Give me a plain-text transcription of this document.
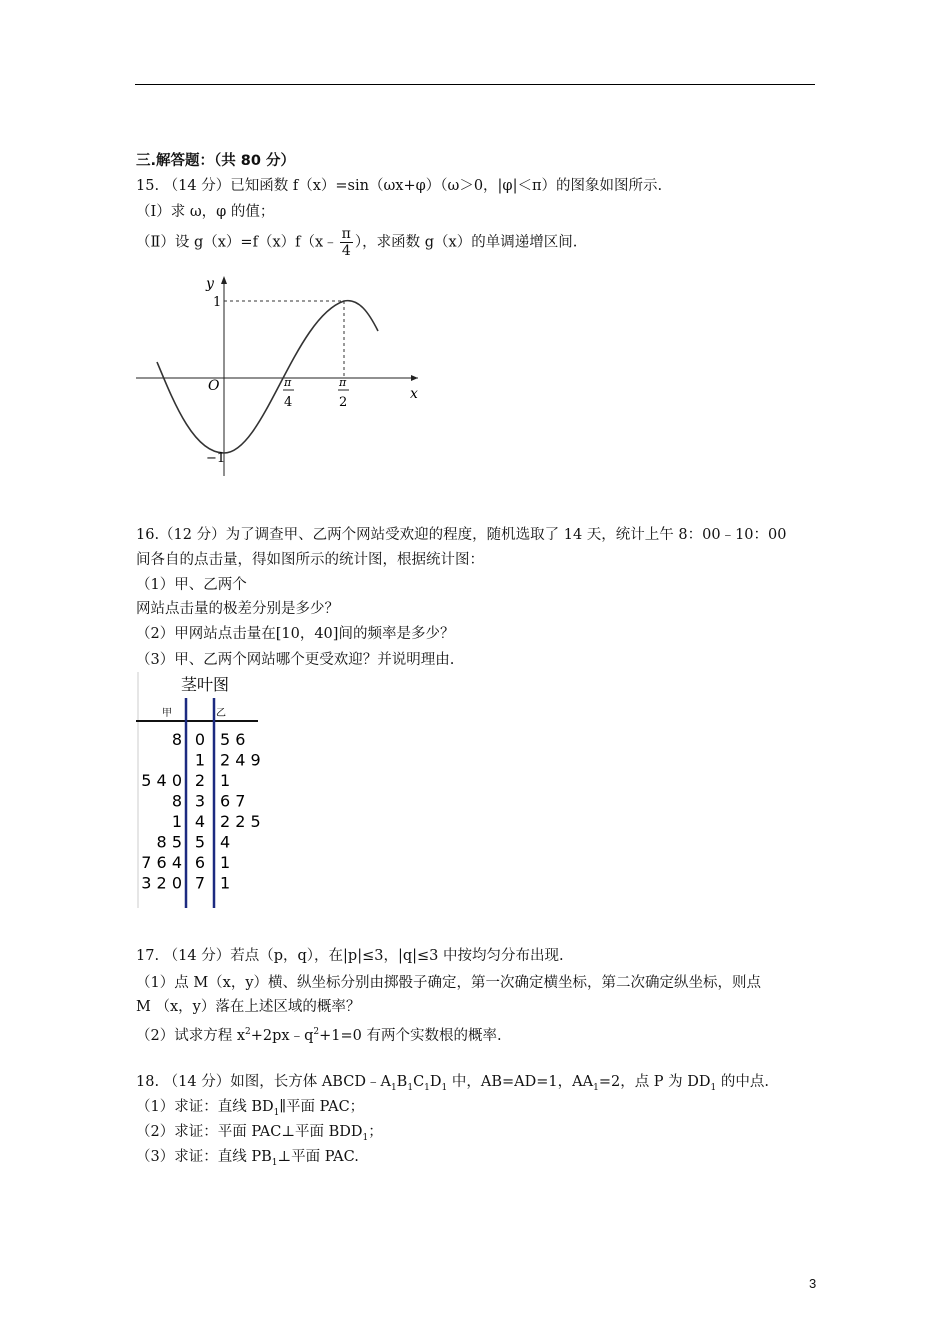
三.解答题：（共 80 分）
15. （14 分）已知函数 f（x）=sin（ωx+φ）（ω＞0，|φ|＜π）的图象如图所示.
（Ⅰ）求 ω，φ 的值；
（Ⅱ）设 g（x）=f（x）f（x﹣ $\frac{\pi}{4}$ ），求函数 g（x）的单调递增区间.
y
x
O
1
−1
π
4
π
2
16.（12 分）为了调查甲、乙两个网站受欢迎的程度，随机选取了 14 天，统计上午 8：00﹣10：00
间各自的点击量，得如图所示的统计图，根据统计图：
（1）甲、乙两个
网站点击量的极差分别是多少？
（2）甲网站点击量在[10，40]间的频率是多少？
（3）甲、乙两个网站哪个更受欢迎？并说明理由.
茎叶图
甲	乙
8 0 5 6
1 2 4 9
5 4 0 2 1
8 3 6 7
1 4 2 2 5
8 5 5 4
7 6 4 6 1
3 2 0 7 1
17. （14 分）若点（p，q），在|p|≤3，|q|≤3 中按均匀分布出现.
（1）点 M（x，y）横、纵坐标分别由掷骰子确定，第一次确定横坐标，第二次确定纵坐标，则点
M （x，y）落在上述区域的概率？
（2）试求方程 $x^2+2px﹣q^2+1=0$ 有两个实数根的概率.
18. （14 分）如图，长方体 $ABCD﹣A_1B_1C_1D_1$ 中，AB=AD=1，$AA_1=2$，点 P 为 $DD_1$ 的中点.
（1）求证：直线 $BD_1\parallel$平面 PAC；
（2）求证：平面 PAC⊥平面 $BDD_1$；
（3）求证：直线 $PB_1\perp$平面 PAC.
3
